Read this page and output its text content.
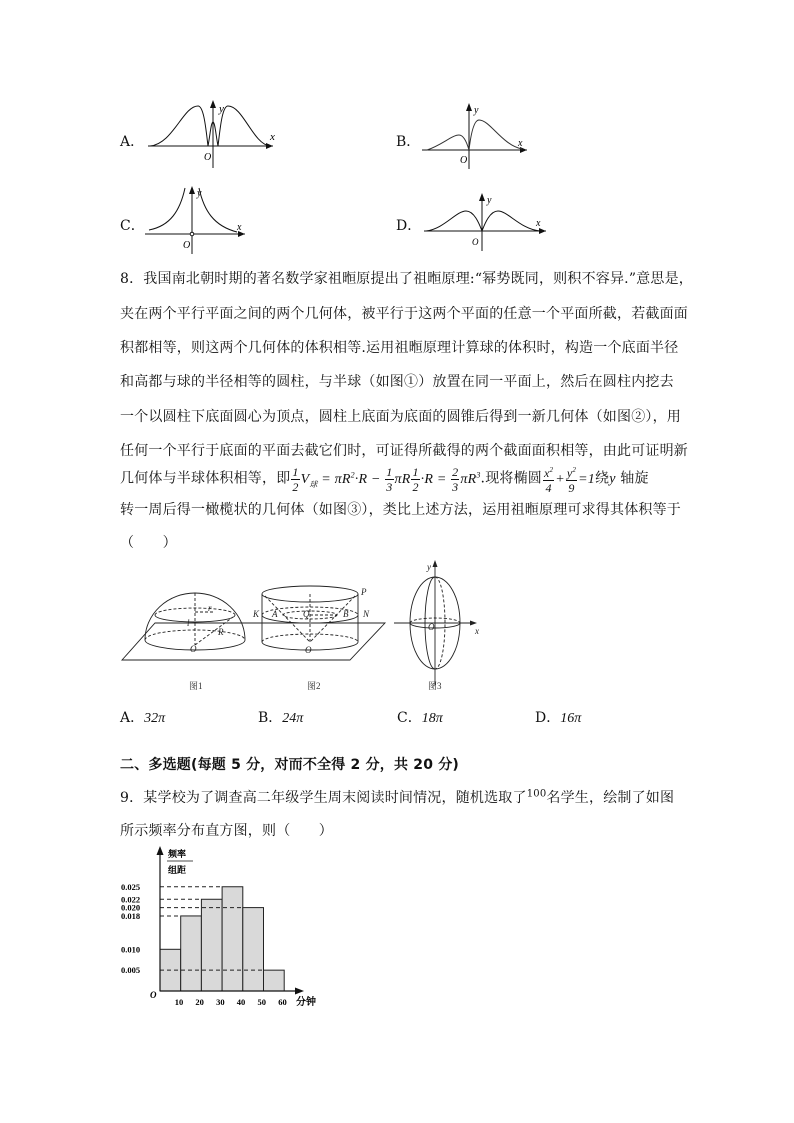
A．
y
x
O
B．
y
x
O
C．
y
x
O
D．
y
x
O
8．我国南北朝时期的著名数学家祖暅原提出了祖暅原理:“幂势既同，则积不容异.”意思是，
夹在两个平行平面之间的两个几何体，被平行于这两个平面的任意一个平面所截，若截面面
积都相等，则这两个几何体的体积相等.运用祖暅原理计算球的体积时，构造一个底面半径
和高都与球的半径相等的圆柱，与半球（如图①）放置在同一平面上，然后在圆柱内挖去
一个以圆柱下底面圆心为顶点，圆柱上底面为底面的圆锥后得到一新几何体（如图②），用
任何一个平行于底面的平面去截它们时，可证得所截得的两个截面面积相等，由此可证明新
几何体与半球体积相等，即 $\frac{1}{2} V_球 = \pi R^2\cdot R - \frac{1}{3}$ πR $\frac{1}{2} \cdot R = \frac{2}{3} \pi R^3$.现将椭圆 $\frac{x^2}{4} + \frac{y^2}{9} =1$绕y 轴旋
转一周后得一橄榄状的几何体（如图③），类比上述方法，运用祖暅原理可求得其体积等于
（　　）
r
l
R
O
K A	Q	B N
P
O
y
x
O
图1	图2	图3
A．32π	B．24π	C．18π	D．16π
二、多选题(每题 5 分，对而不全得 2 分，共 20 分)
9．某学校为了调查高二年级学生周末阅读时间情况，随机选取了$^{100}$名学生，绘制了如图
所示频率分布直方图，则（　　）
频率
组距
分钟
O
0.025
0.022
0.020
0.018
0.010
0.005
10 20 30 40 50 60
